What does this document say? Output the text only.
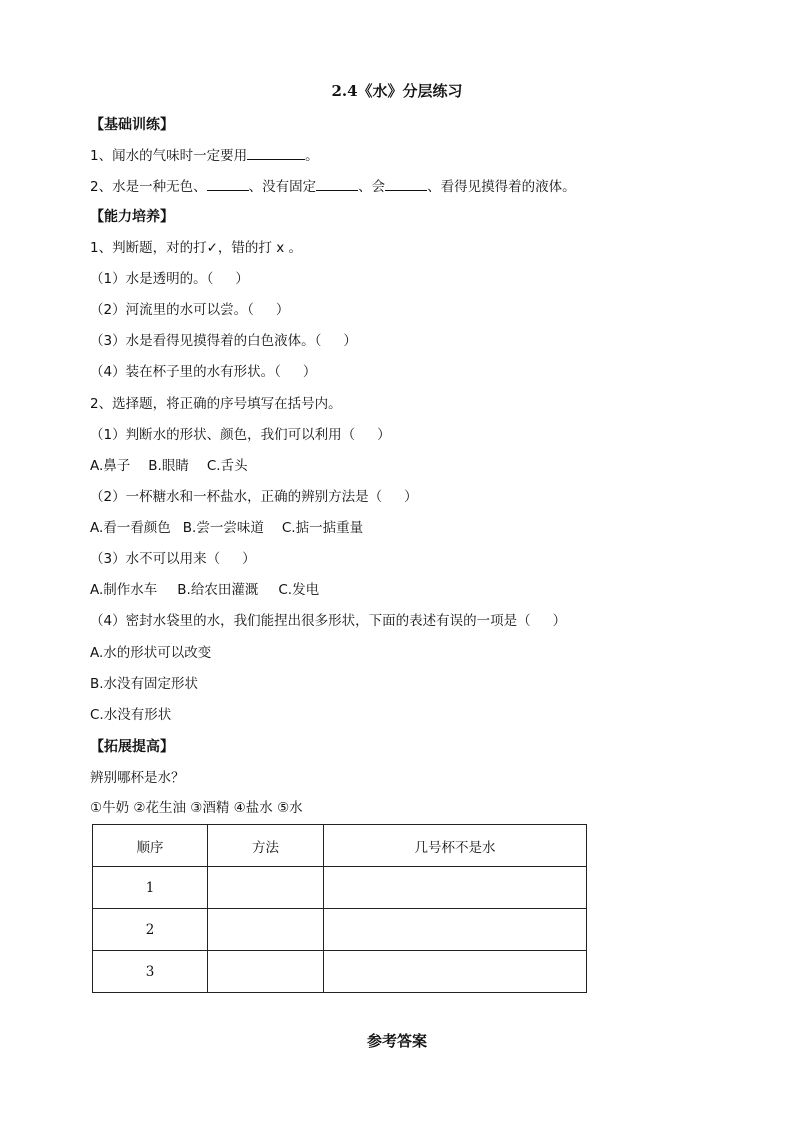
2.4《水》分层练习
【基础训练】
1、闻水的气味时一定要用	。
2、水是一种无色、	、没有固定	、会	、看得见摸得着的液体。
【能力培养】
1、判断题，对的打✓，错的打 x 。
（1）水是透明的。（ ）
（2）河流里的水可以尝。（ ）
（3）水是看得见摸得着的白色液体。（ ）
（4）装在杯子里的水有形状。（ ）
2、选择题，将正确的序号填写在括号内。
（1）判断水的形状、颜色，我们可以利用（ ）
A.鼻子 B.眼睛 C.舌头
（2）一杯糖水和一杯盐水，正确的辨别方法是（ ）
A.看一看颜色 B.尝一尝味道 C.掂一掂重量
（3）水不可以用来（ ）
A.制作水车 B.给农田灌溉 C.发电
（4）密封水袋里的水，我们能捏出很多形状，下面的表述有误的一项是（ ）
A.水的形状可以改变
B.水没有固定形状
C.水没有形状
【拓展提高】
辨别哪杯是水？
①牛奶 ②花生油 ③酒精 ④盐水 ⑤水
顺序	方法	几号杯不是水
1		
2		
3		
参考答案
